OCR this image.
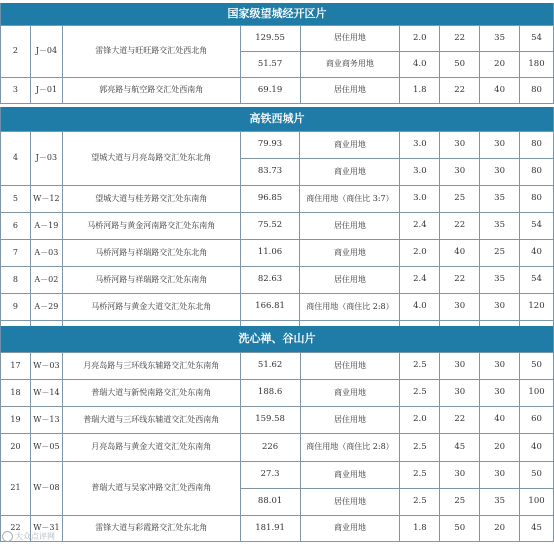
国家级望城经开区片
2	J－04	雷锋大道与旺旺路交汇处西北角	129.55	居住用地	2.0	22	35	54
			51.57	商业商务用地	4.0	50	20	180
3	J－01	郭亮路与航空路交汇处西南角	69.19	居住用地	1.8	22	40	80
高铁西城片
4	J－03	望城大道与月亮岛路交汇处东北角	79.93	商业用地	3.0	30	30	80
			83.73	商业用地	3.0	30	30	80
5	W－12	望城大道与桂芳路交汇处东南角	96.85	商住用地（商住比 3:7）	3.0	25	35	80
6	A－19	马桥河路与黄金河南路交汇处东南角	75.52	居住用地	2.4	22	35	54
7	A－03	马桥河路与祥瑞路交汇处东北角	11.06	商业用地	2.0	40	25	40
8	A－02	马桥河路与祥瑞路交汇处东南角	82.63	居住用地	2.4	22	35	54
9	A－29	马桥河路与黄金大道交汇处东北角	166.81	商住用地（商住比 2:8）	4.0	30	30	120

洗心禅、谷山片
17	W－03	月亮岛路与三环线东辅路交汇处东南角	51.62	居住用地	2.5	30	30	50
18	W－14	普瑞大道与新悦南路交汇处东南角	188.6	商业用地	2.5	30	30	100
19	W－13	普瑞大道与三环线东辅道交汇处西南角	159.58	居住用地	2.0	22	40	60
20	W－05	月亮岛路与黄金大道交汇处东南角	226	商住用地（商住比 2:8）	2.5	45	20	40
21	W－08	普瑞大道与吴家冲路交汇处西南角	27.3	商业用地	2.5	30	30	50
			88.01	居住用地	2.5	25	35	100
22	W－31	雷锋大道与彩霞路交汇处东北角	181.91	商业用地	1.8	50	20	45
大众点评网
